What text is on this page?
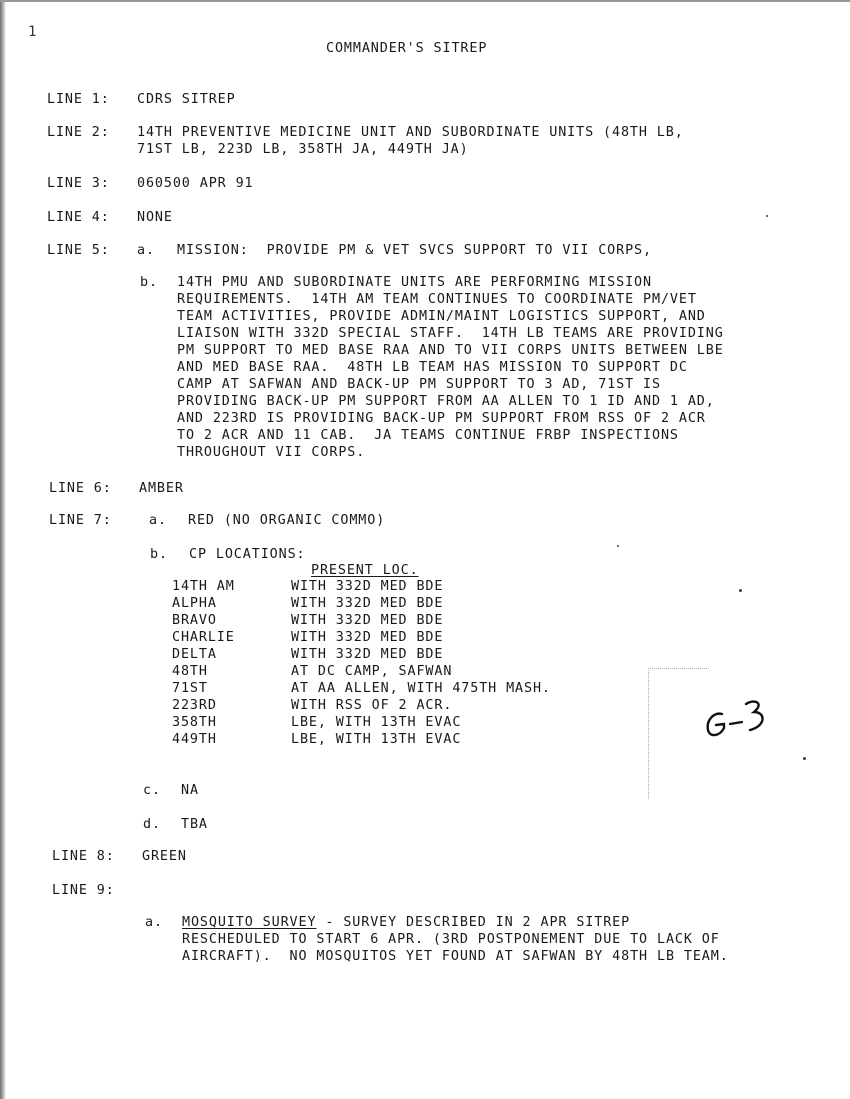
1
COMMANDER'S SITREP
LINE 1: CDRS SITREP
LINE 2: 14TH PREVENTIVE MEDICINE UNIT AND SUBORDINATE UNITS (48TH LB,
71ST LB, 223D LB, 358TH JA, 449TH JA)
LINE 3: 060500 APR 91
LINE 4: NONE
LINE 5: a. MISSION:  PROVIDE PM & VET SVCS SUPPORT TO VII CORPS,
b. 14TH PMU AND SUBORDINATE UNITS ARE PERFORMING MISSION
REQUIREMENTS.  14TH AM TEAM CONTINUES TO COORDINATE PM/VET
TEAM ACTIVITIES, PROVIDE ADMIN/MAINT LOGISTICS SUPPORT, AND
LIAISON WITH 332D SPECIAL STAFF.  14TH LB TEAMS ARE PROVIDING
PM SUPPORT TO MED BASE RAA AND TO VII CORPS UNITS BETWEEN LBE
AND MED BASE RAA.  48TH LB TEAM HAS MISSION TO SUPPORT DC
CAMP AT SAFWAN AND BACK-UP PM SUPPORT TO 3 AD, 71ST IS
PROVIDING BACK-UP PM SUPPORT FROM AA ALLEN TO 1 ID AND 1 AD,
AND 223RD IS PROVIDING BACK-UP PM SUPPORT FROM RSS OF 2 ACR
TO 2 ACR AND 11 CAB.  JA TEAMS CONTINUE FRBP INSPECTIONS
THROUGHOUT VII CORPS.
LINE 6: AMBER
LINE 7:	a. RED (NO ORGANIC COMMO)
b. CP LOCATIONS:
PRESENT LOC.
14TH AM	WITH 332D MED BDE
ALPHA	WITH 332D MED BDE
BRAVO	WITH 332D MED BDE
CHARLIE	WITH 332D MED BDE
DELTA	WITH 332D MED BDE
48TH	AT DC CAMP, SAFWAN
71ST	AT AA ALLEN, WITH 475TH MASH.
223RD	WITH RSS OF 2 ACR.
358TH	LBE, WITH 13TH EVAC
449TH	LBE, WITH 13TH EVAC
c. NA
d. TBA
LINE 8: GREEN
LINE 9:
a. MOSQUITO SURVEY - SURVEY DESCRIBED IN 2 APR SITREP
RESCHEDULED TO START 6 APR. (3RD POSTPONEMENT DUE TO LACK OF
AIRCRAFT).  NO MOSQUITOS YET FOUND AT SAFWAN BY 48TH LB TEAM.
